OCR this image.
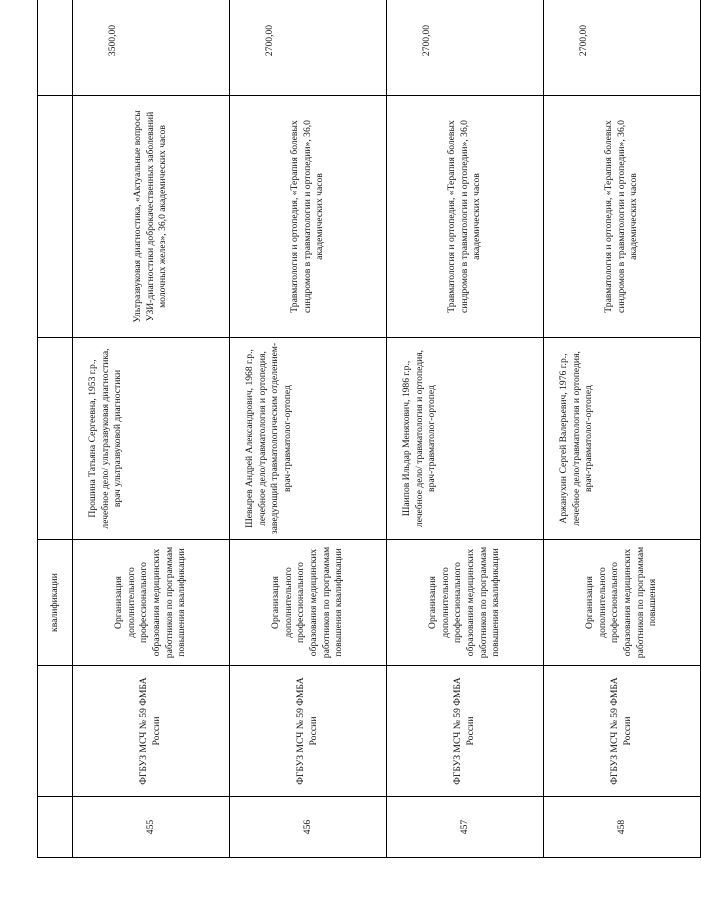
		квалификации			
455	ФГБУЗ МСЧ № 59 ФМБА России	Организация дополнительного профессионального образования медицинских работников по программам повышения квалификации	Прошина Татьяна Сергеевна, 1953 г.р., лечебное дело/ ультразвуковая диагностика, врач ультразвуковой диагностики	Ультразвуковая диагностика, «Актуальные вопросы УЗИ-диагностики доброкачественных заболеваний молочных желез», 36,0 академических часов	3500,00
456	ФГБУЗ МСЧ № 59 ФМБА России	Организация дополнительного профессионального образования медицинских работников по программам повышения квалификации	Шевырев Андрей Александрович, 1968 г.р., лечебное дело/травматология и ортопедия, заведующий травматологическим отделением-врач-травматолог-ортопед	Травматология и ортопедия, «Терапия болевых синдромов в травматологии и ортопедии», 36,0 академических часов	2700,00
457	ФГБУЗ МСЧ № 59 ФМБА России	Организация дополнительного профессионального образования медицинских работников по программам повышения квалификации	Шаипов Ильдар Меняхович, 1986 г.р., лечебное дело/ травматология и ортопедия, врач-травматолог-ортопед	Травматология и ортопедия, «Терапия болевых синдромов в травматологии и ортопедии», 36,0 академических часов	2700,00
458	ФГБУЗ МСЧ № 59 ФМБА России	Организация дополнительного профессионального образования медицинских работников по программам повышения	Аржанухин Сергей Валерьевич, 1976 г.р., лечебное дело/травматология и ортопедия, врач-травматолог-ортопед	Травматология и ортопедия, «Терапия болевых синдромов в травматологии и ортопедии», 36,0 академических часов	2700,00
